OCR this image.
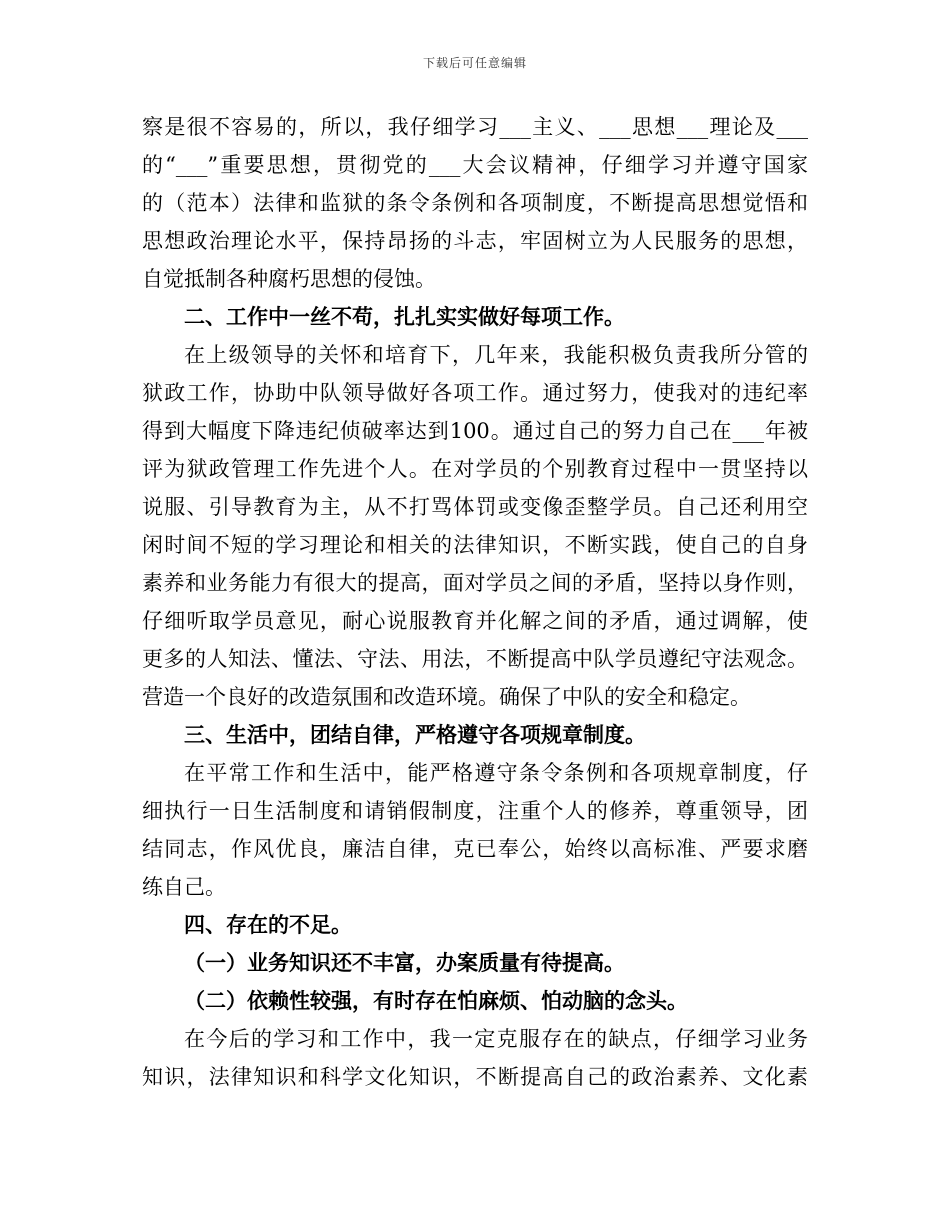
下载后可任意编辑
察是很不容易的，所以，我仔细学习___主义、___思想___理论及___
的“___”重要思想，贯彻党的___大会议精神，仔细学习并遵守国家
的（范本）法律和监狱的条令条例和各项制度，不断提高思想觉悟和
思想政治理论水平，保持昂扬的斗志，牢固树立为人民服务的思想，
自觉抵制各种腐朽思想的侵蚀。
二、工作中一丝不苟，扎扎实实做好每项工作。
在上级领导的关怀和培育下，几年来，我能积极负责我所分管的
狱政工作，协助中队领导做好各项工作。通过努力，使我对的违纪率
得到大幅度下降违纪侦破率达到100。通过自己的努力自己在___年被
评为狱政管理工作先进个人。在对学员的个别教育过程中一贯坚持以
说服、引导教育为主，从不打骂体罚或变像歪整学员。自己还利用空
闲时间不短的学习理论和相关的法律知识，不断实践，使自己的自身
素养和业务能力有很大的提高，面对学员之间的矛盾，坚持以身作则，
仔细听取学员意见，耐心说服教育并化解之间的矛盾，通过调解，使
更多的人知法、懂法、守法、用法，不断提高中队学员遵纪守法观念。
营造一个良好的改造氛围和改造环境。确保了中队的安全和稳定。
三、生活中，团结自律，严格遵守各项规章制度。
在平常工作和生活中，能严格遵守条令条例和各项规章制度，仔
细执行一日生活制度和请销假制度，注重个人的修养，尊重领导，团
结同志，作风优良，廉洁自律，克已奉公，始终以高标准、严要求磨
练自己。
四、存在的不足。
（一）业务知识还不丰富，办案质量有待提高。
（二）依赖性较强，有时存在怕麻烦、怕动脑的念头。
在今后的学习和工作中，我一定克服存在的缺点，仔细学习业务
知识，法律知识和科学文化知识，不断提高自己的政治素养、文化素
